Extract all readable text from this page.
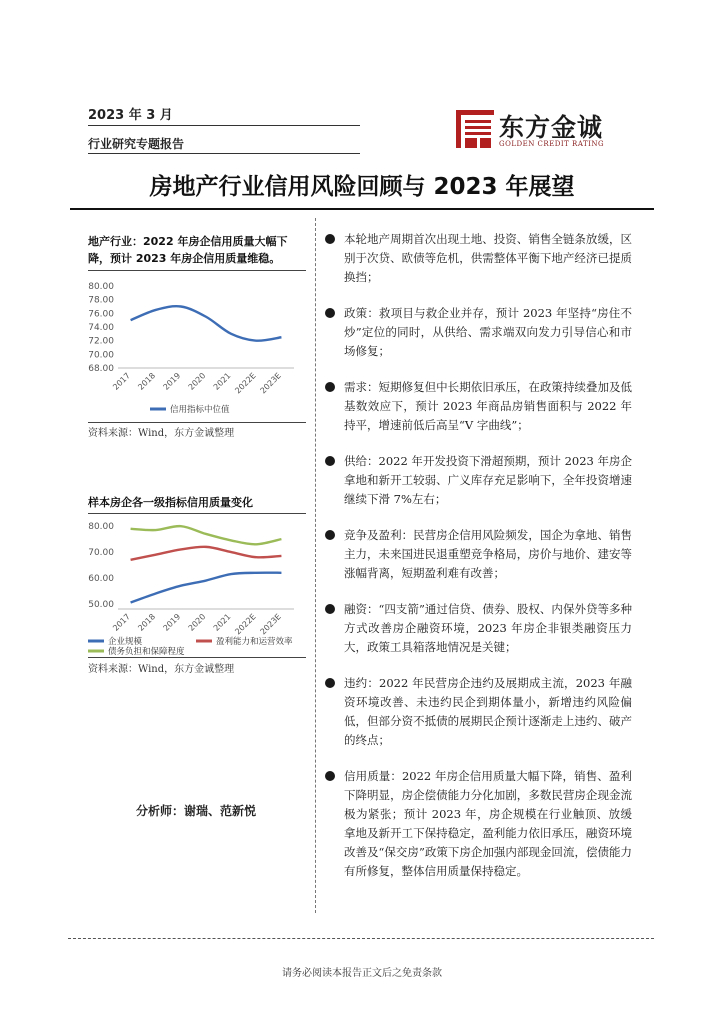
2023 年 3 月
行业研究专题报告
东方金诚
GOLDEN CREDIT RATING
房地产行业信用风险回顾与 2023 年展望
地产行业：2022 年房企信用质量大幅下降，预计 2023 年房企信用质量维稳。
80.00
78.00
76.00
74.00
72.00
70.00
68.00
2017 2018 2019 2020 2021 2022E 2023E
信用指标中位值
资料来源：Wind，东方金诚整理
样本房企各一级指标信用质量变化
80.00
70.00
60.00
50.00
2017 2018 2019 2020 2021 2022E 2023E
企业规模	盈利能力和运营效率
债务负担和保障程度
资料来源：Wind，东方金诚整理
分析师：谢瑞、范新悦
本轮地产周期首次出现土地、投资、销售全链条放缓，区别于次贷、欧债等危机，供需整体平衡下地产经济已提质换挡；
政策：救项目与救企业并存，预计 2023 年坚持“房住不炒”定位的同时，从供给、需求端双向发力引导信心和市场修复；
需求：短期修复但中长期依旧承压，在政策持续叠加及低基数效应下，预计 2023 年商品房销售面积与 2022 年持平，增速前低后高呈“V 字曲线”；
供给：2022 年开发投资下滑超预期，预计 2023 年房企拿地和新开工较弱、广义库存充足影响下，全年投资增速继续下滑 7%左右；
竞争及盈利：民营房企信用风险频发，国企为拿地、销售主力，未来国进民退重塑竞争格局，房价与地价、建安等涨幅背离，短期盈利难有改善；
融资：“四支箭”通过信贷、债券、股权、内保外贷等多种方式改善房企融资环境，2023 年房企非银类融资压力大，政策工具箱落地情况是关键；
违约：2022 年民营房企违约及展期成主流，2023 年融资环境改善、未违约民企到期体量小，新增违约风险偏低，但部分资不抵债的展期民企预计逐渐走上违约、破产的终点；
信用质量：2022 年房企信用质量大幅下降，销售、盈利下降明显，房企偿债能力分化加剧，多数民营房企现金流极为紧张；预计 2023 年，房企规模在行业触顶、放缓拿地及新开工下保持稳定，盈利能力依旧承压，融资环境改善及“保交房”政策下房企加强内部现金回流，偿债能力有所修复，整体信用质量保持稳定。
请务必阅读本报告正文后之免责条款
